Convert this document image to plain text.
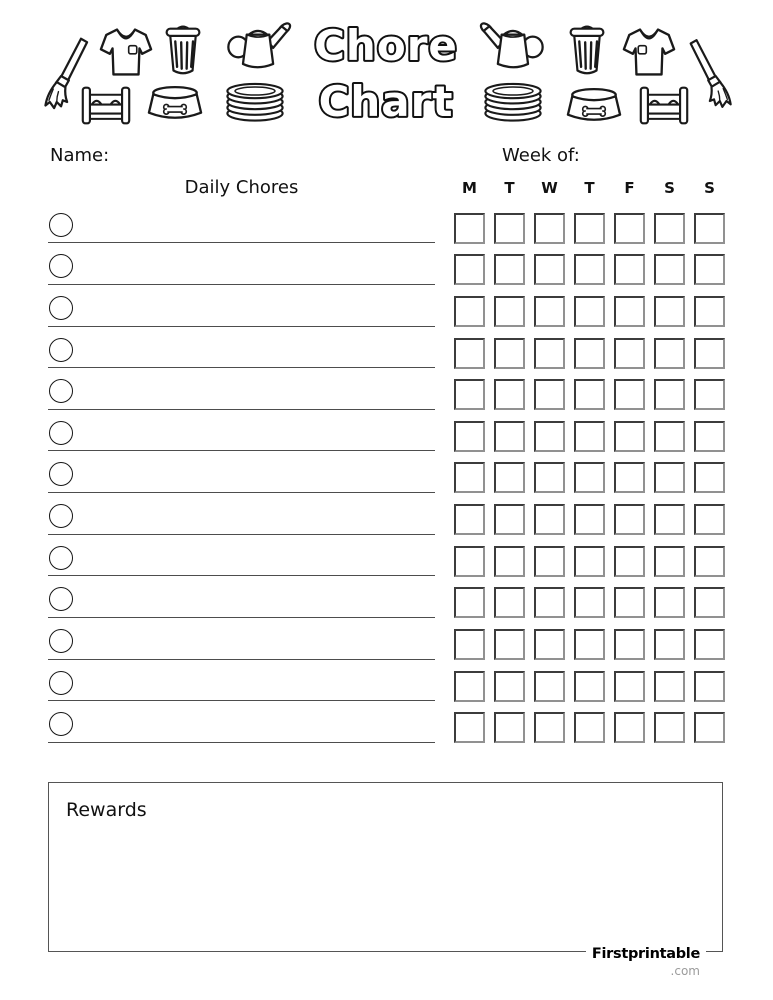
Chore
Chart
Name:	Week of:
Daily Chores	M	T	W	T	F	S	S
Rewards
Firstprintable
.com
